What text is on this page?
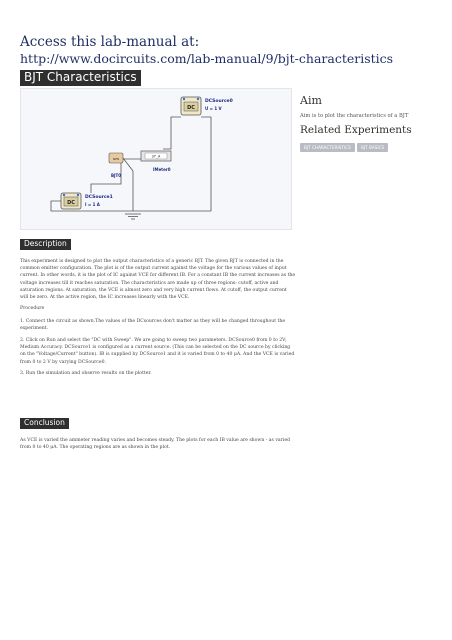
Access this lab-manual at:
http://www.docircuits.com/lab-manual/9/bjt-characteristics
BJT Characteristics
DC
DCSource0
U = 1 V
NPN
BJT0
3f_A
IMeter0
DC
DCSource1
I = 1 A
Aim
Aim is to plot the characteristics of a BJT
Related Experiments
BJT CHARACTERISTICS	BJT BASICS
Description
This experiment is designed to plot the output characteristics of a generic BJT. The given BJT is connected in the common emitter configuration. The plot is of the output current against the voltage for the various values of input current. In other words, it is the plot of IC against VCE for different IB. For a constant IB the current increases as the voltage increases till it reaches saturation. The characteristics are made up of three regions: cutoff, active and saturation regions. At saturation, the VCE is almost zero and very high current flows. At cutoff, the output current will be zero. At the active region, the IC increases linearly with the VCE.
Procedure
1. Connect the circuit as shown.The values of the DCsources don't matter as they will be changed throughout the experiment.
2. Click on Run and select the "DC with Sweep". We are going to sweep two parameters. DCSource0 from 0 to 2V; Medium Accuracy. DCSource1 is configured as a current source. (This can be selected on the DC source by clicking on the "Voltage/Current" button). IB is supplied by DCSource1 and it is varied from 0 to 40 μA. And the VCE is varied from 0 to 2 V by varying DCSource0.
3. Run the simulation and observe results on the plotter.
Conclusion
As VCE is varied the ammeter reading varies and becomes steady. The plots for each IB value are shown - as varied from 0 to 40 μA. The operating regions are as shown in the plot.
